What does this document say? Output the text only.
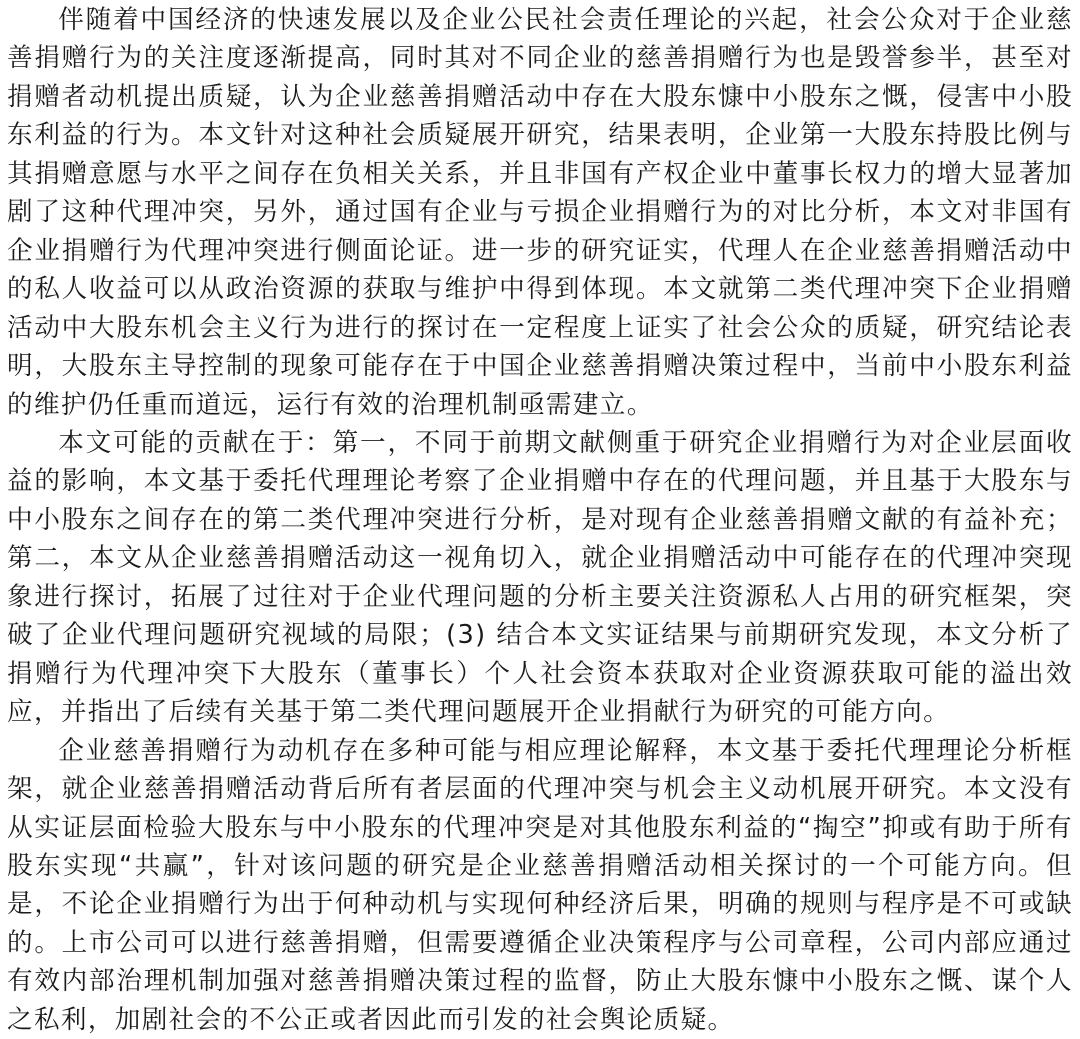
伴随着中国经济的快速发展以及企业公民社会责任理论的兴起，社会公众对于企业慈善捐赠行为的关注度逐渐提高，同时其对不同企业的慈善捐赠行为也是毁誉参半，甚至对捐赠者动机提出质疑，认为企业慈善捐赠活动中存在大股东慷中小股东之慨，侵害中小股东利益的行为。本文针对这种社会质疑展开研究，结果表明，企业第一大股东持股比例与其捐赠意愿与水平之间存在负相关关系，并且非国有产权企业中董事长权力的增大显著加剧了这种代理冲突，另外，通过国有企业与亏损企业捐赠行为的对比分析，本文对非国有企业捐赠行为代理冲突进行侧面论证。进一步的研究证实，代理人在企业慈善捐赠活动中的私人收益可以从政治资源的获取与维护中得到体现。本文就第二类代理冲突下企业捐赠活动中大股东机会主义行为进行的探讨在一定程度上证实了社会公众的质疑，研究结论表明，大股东主导控制的现象可能存在于中国企业慈善捐赠决策过程中，当前中小股东利益的维护仍任重而道远，运行有效的治理机制亟需建立。

本文可能的贡献在于：第一，不同于前期文献侧重于研究企业捐赠行为对企业层面收益的影响，本文基于委托代理理论考察了企业捐赠中存在的代理问题，并且基于大股东与中小股东之间存在的第二类代理冲突进行分析，是对现有企业慈善捐赠文献的有益补充；第二，本文从企业慈善捐赠活动这一视角切入，就企业捐赠活动中可能存在的代理冲突现象进行探讨，拓展了过往对于企业代理问题的分析主要关注资源私人占用的研究框架，突破了企业代理问题研究视域的局限；(3) 结合本文实证结果与前期研究发现，本文分析了捐赠行为代理冲突下大股东（董事长）个人社会资本获取对企业资源获取可能的溢出效应，并指出了后续有关基于第二类代理问题展开企业捐献行为研究的可能方向。

企业慈善捐赠行为动机存在多种可能与相应理论解释，本文基于委托代理理论分析框架，就企业慈善捐赠活动背后所有者层面的代理冲突与机会主义动机展开研究。本文没有从实证层面检验大股东与中小股东的代理冲突是对其他股东利益的“掏空”抑或有助于所有股东实现“共赢”，针对该问题的研究是企业慈善捐赠活动相关探讨的一个可能方向。但是，不论企业捐赠行为出于何种动机与实现何种经济后果，明确的规则与程序是不可或缺的。上市公司可以进行慈善捐赠，但需要遵循企业决策程序与公司章程，公司内部应通过有效内部治理机制加强对慈善捐赠决策过程的监督，防止大股东慷中小股东之慨、谋个人之私利，加剧社会的不公正或者因此而引发的社会舆论质疑。
